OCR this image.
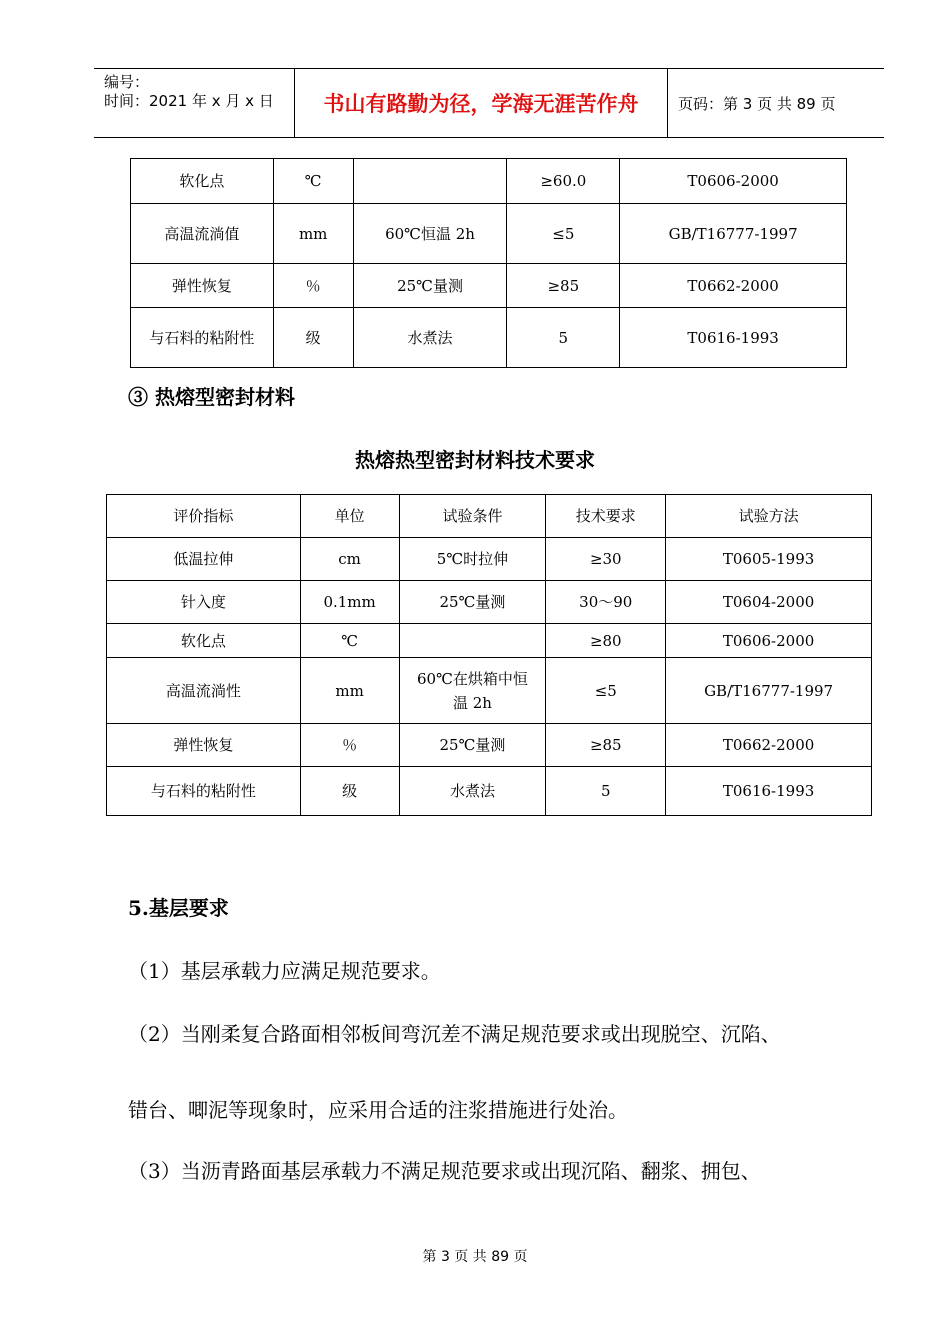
编号：
时间：2021 年 x 月 x 日	书山有路勤为径，学海无涯苦作舟	页码：第 3 页 共 89 页
软化点	℃		≥60.0	T0606-2000
高温流淌值	mm	60℃恒温 2h	≤5	GB/T16777-1997
弹性恢复	％	25℃量测	≥85	T0662-2000
与石料的粘附性	级	水煮法	5	T0616-1993
③ 热熔型密封材料
热熔热型密封材料技术要求
评价指标	单位	试验条件	技术要求	试验方法
低温拉伸	cm	5℃时拉伸	≥30	T0605-1993
针入度	0.1mm	25℃量测	30～90	T0604-2000
软化点	℃		≥80	T0606-2000
高温流淌性	mm	60℃在烘箱中恒温 2h	≤5	GB/T16777-1997
弹性恢复	％	25℃量测	≥85	T0662-2000
与石料的粘附性	级	水煮法	5	T0616-1993
5.基层要求
（1）基层承载力应满足规范要求。
（2）当刚柔复合路面相邻板间弯沉差不满足规范要求或出现脱空、沉陷、
错台、唧泥等现象时，应采用合适的注浆措施进行处治。
（3）当沥青路面基层承载力不满足规范要求或出现沉陷、翻浆、拥包、
第 3 页 共 89 页
